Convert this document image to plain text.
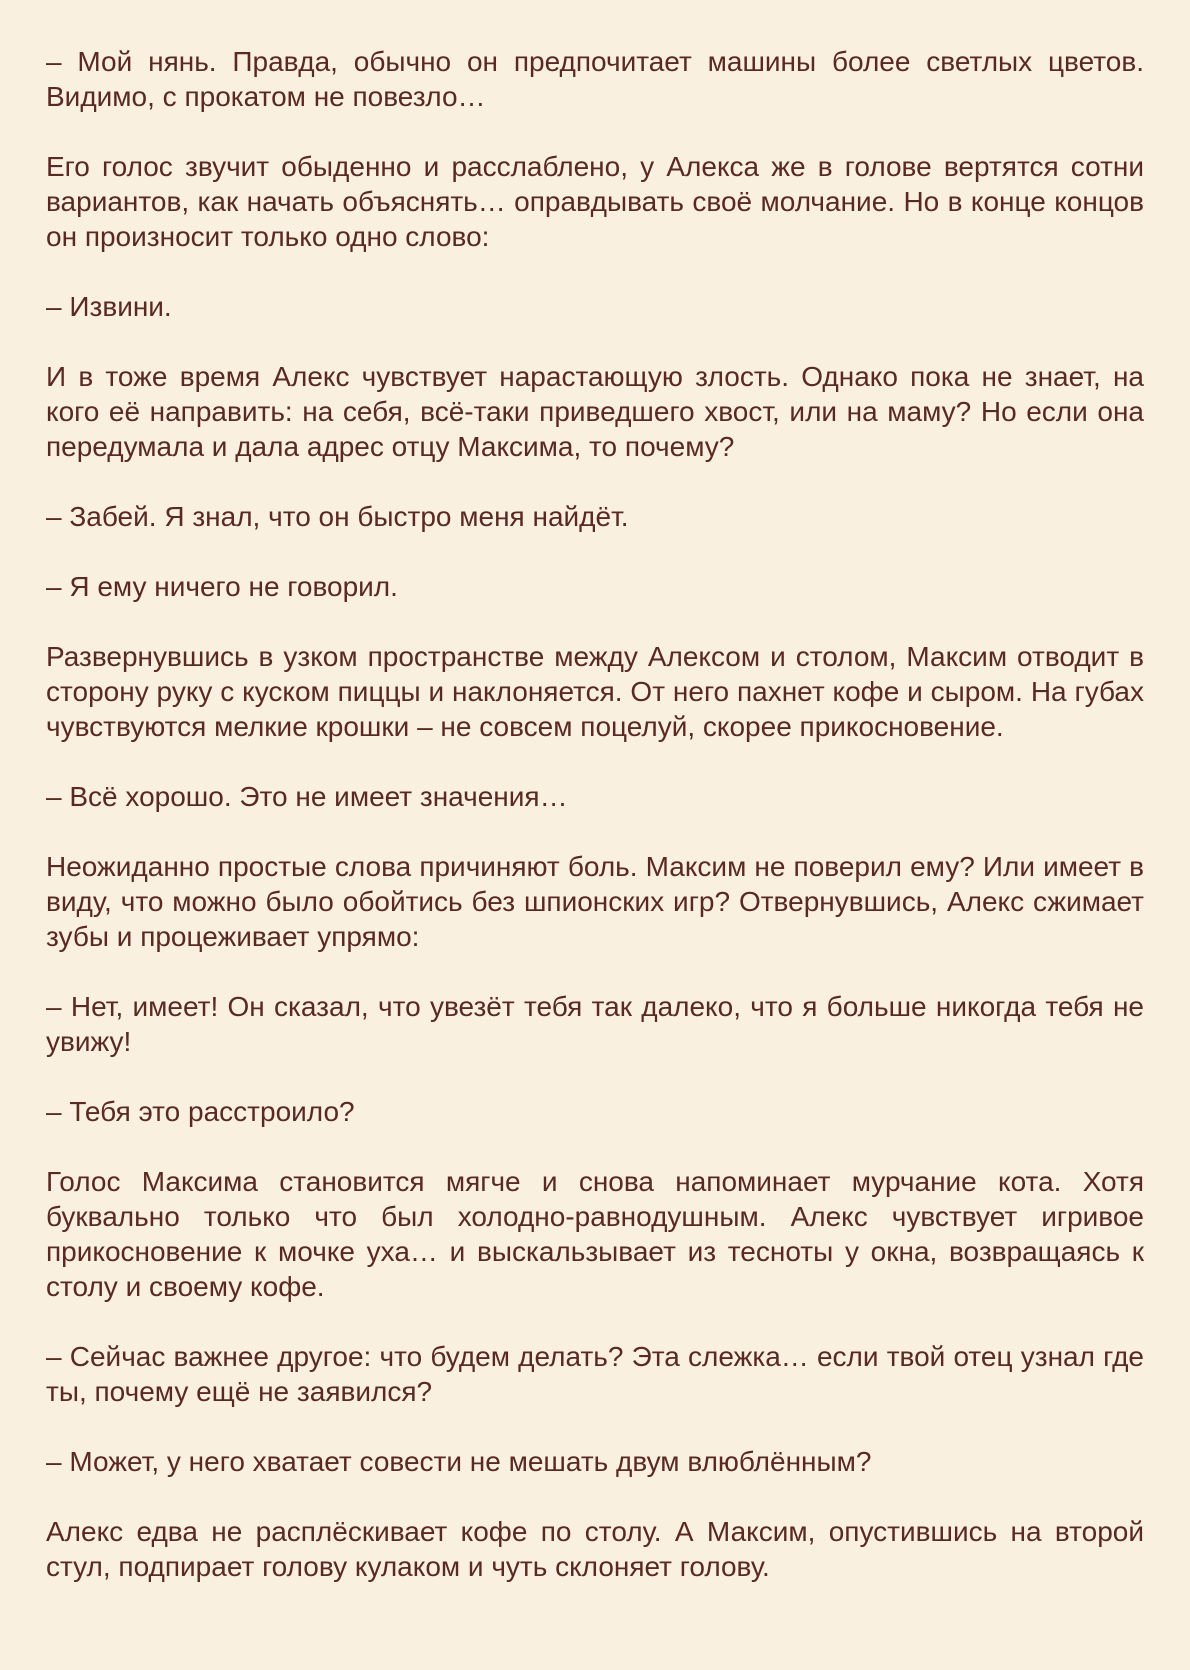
– Мой нянь. Правда, обычно он предпочитает машины более светлых цветов. Видимо, с прокатом не повезло…

Его голос звучит обыденно и расслаблено, у Алекса же в голове вертятся сотни вариантов, как начать объяснять… оправдывать своё молчание. Но в конце концов он произносит только одно слово:

– Извини.

И в тоже время Алекс чувствует нарастающую злость. Однако пока не знает, на кого её направить: на себя, всё-таки приведшего хвост, или на маму? Но если она передумала и дала адрес отцу Максима, то почему?

– Забей. Я знал, что он быстро меня найдёт.

– Я ему ничего не говорил.

Развернувшись в узком пространстве между Алексом и столом, Максим отводит в сторону руку с куском пиццы и наклоняется. От него пахнет кофе и сыром. На губах чувствуются мелкие крошки – не совсем поцелуй, скорее прикосновение.

– Всё хорошо. Это не имеет значения…

Неожиданно простые слова причиняют боль. Максим не поверил ему? Или имеет в виду, что можно было обойтись без шпионских игр? Отвернувшись, Алекс сжимает зубы и процеживает упрямо:

– Нет, имеет! Он сказал, что увезёт тебя так далеко, что я больше никогда тебя не увижу!

– Тебя это расстроило?

Голос Максима становится мягче и снова напоминает мурчание кота. Хотя буквально только что был холодно-равнодушным. Алекс чувствует игривое прикосновение к мочке уха… и выскальзывает из тесноты у окна, возвращаясь к столу и своему кофе.

– Сейчас важнее другое: что будем делать? Эта слежка… если твой отец узнал где ты, почему ещё не заявился?

– Может, у него хватает совести не мешать двум влюблённым?

Алекс едва не расплёскивает кофе по столу. А Максим, опустившись на второй стул, подпирает голову кулаком и чуть склоняет голову.
